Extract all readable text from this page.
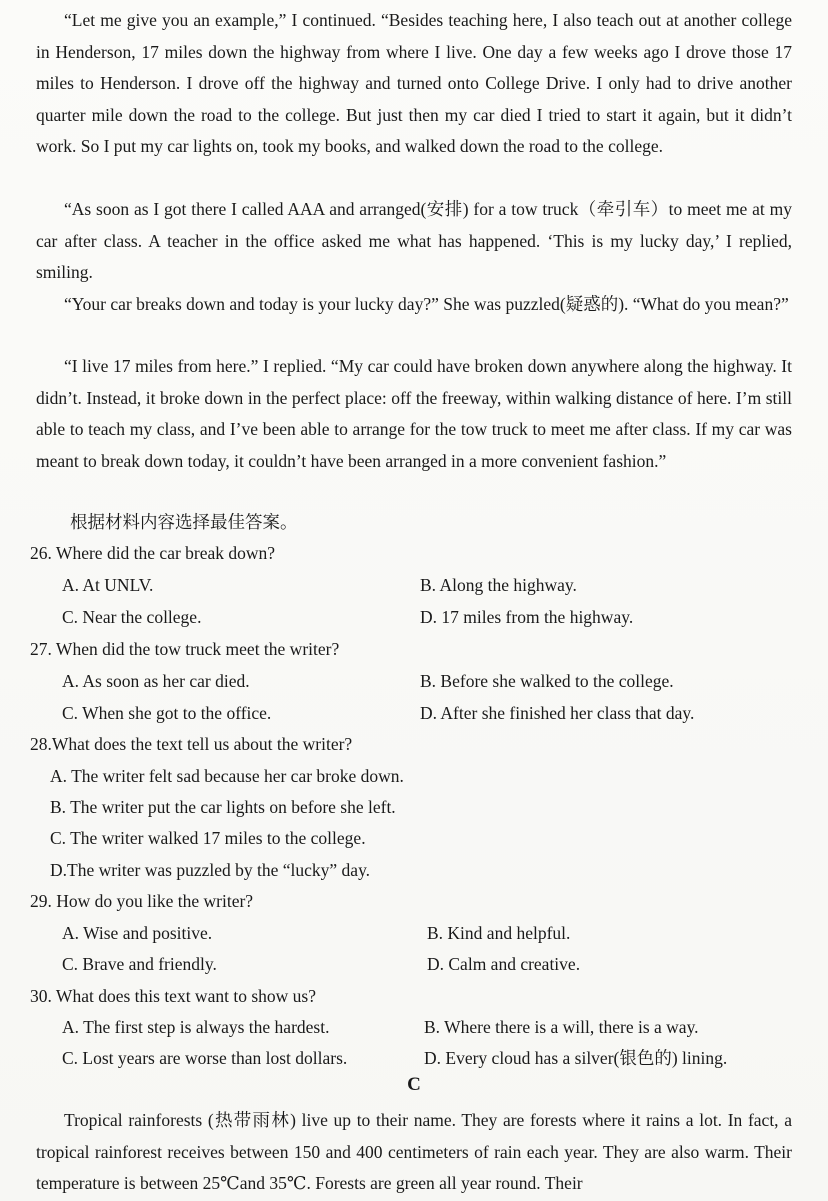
“Let me give you an example,” I continued. “Besides teaching here, I also teach out at another college in Henderson, 17 miles down the highway from where I live. One day a few weeks ago I drove those 17 miles to Henderson. I drove off the highway and turned onto College Drive. I only had to drive another quarter mile down the road to the college. But just then my car died I tried to start it again, but it didn’t work. So I put my car lights on, took my books, and walked down the road to the college.

“As soon as I got there I called AAA and arranged(安排) for a tow truck（牵引车）to meet me at my car after class. A teacher in the office asked me what has happened. ‘This is my lucky day,’ I replied, smiling.

“Your car breaks down and today is your lucky day?” She was puzzled(疑惑的). “What do you mean?”

“I live 17 miles from here.” I replied. “My car could have broken down anywhere along the highway. It didn’t. Instead, it broke down in the perfect place: off the freeway, within walking distance of here. I’m still able to teach my class, and I’ve been able to arrange for the tow truck to meet me after class. If my car was meant to break down today, it couldn’t have been arranged in a more convenient fashion.”

根据材料内容选择最佳答案。
26. Where did the car break down?
A. At UNLV.	B. Along the highway.
C. Near the college.	D. 17 miles from the highway.
27. When did the tow truck meet the writer?
A. As soon as her car died.	B. Before she walked to the college.
C. When she got to the office.	D. After she finished her class that day.
28.What does the text tell us about the writer?
A. The writer felt sad because her car broke down.
B. The writer put the car lights on before she left.
C. The writer walked 17 miles to the college.
D.The writer was puzzled by the “lucky” day.
29. How do you like the writer?
A. Wise and positive.	B. Kind and helpful.
C. Brave and friendly.	D. Calm and creative.
30. What does this text want to show us?
A. The first step is always the hardest.	B. Where there is a will, there is a way.
C. Lost years are worse than lost dollars.	D. Every cloud has a silver(银色的) lining.
C

Tropical rainforests (热带雨林) live up to their name. They are forests where it rains a lot. In fact, a tropical rainforest receives between 150 and 400 centimeters of rain each year. They are also warm. Their temperature is between 25℃and 35℃. Forests are green all year round. Their
